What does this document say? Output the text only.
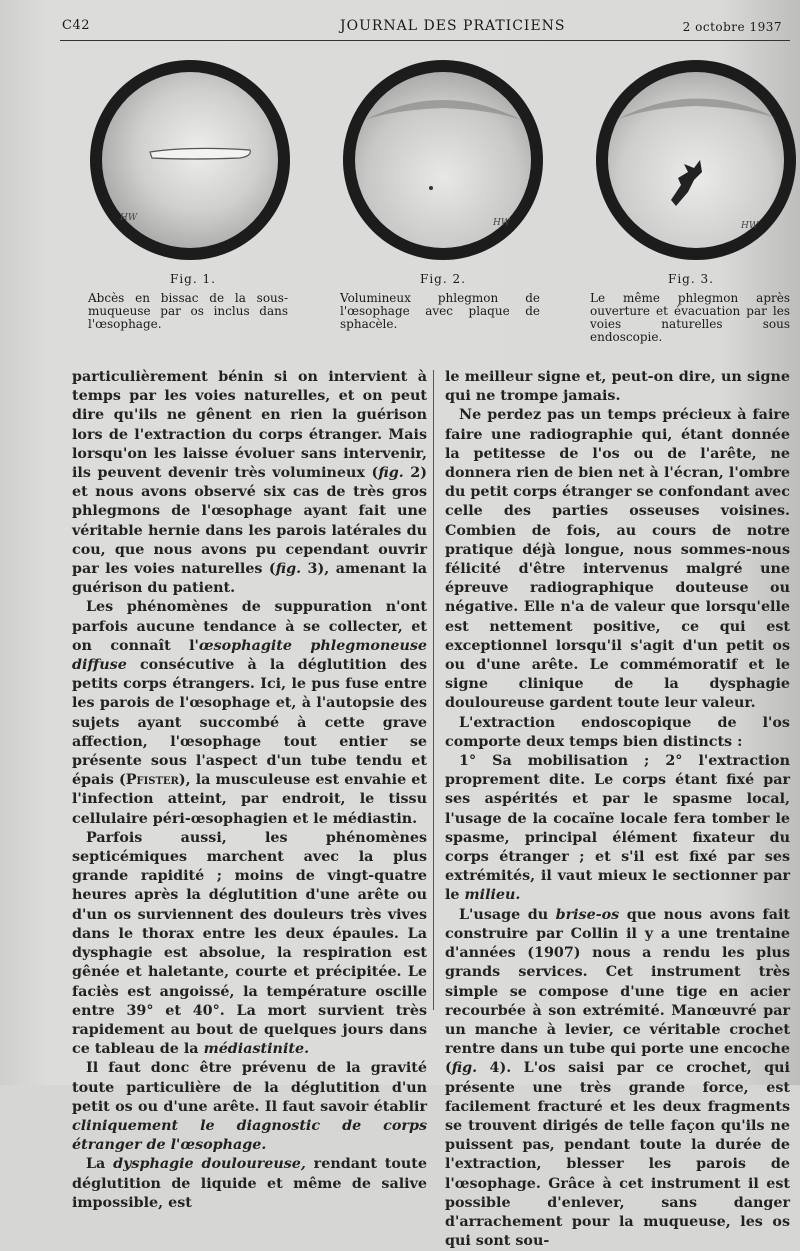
C42	JOURNAL DES PRATICIENS	2 octobre 1937
HW
Fig. 1.
Abcès en bissac de la sous-muqueuse par os inclus dans l'œsophage.
HW
Fig. 2.
Volumineux phlegmon de l'œsophage avec plaque de sphacèle.
HW
Fig. 3.
Le même phlegmon après ouverture et évacuation par les voies naturelles sous endoscopie.

particulièrement bénin si on intervient à temps par les voies naturelles, et on peut dire qu'ils ne gênent en rien la guérison lors de l'extraction du corps étranger. Mais lorsqu'on les laisse évoluer sans intervenir, ils peuvent devenir très volumineux (fig. 2) et nous avons observé six cas de très gros phlegmons de l'œsophage ayant fait une véritable hernie dans les parois latérales du cou, que nous avons pu cependant ouvrir par les voies naturelles (fig. 3), amenant la guérison du patient.

Les phénomènes de suppuration n'ont parfois aucune tendance à se collecter, et on connaît l'œsophagite phlegmoneuse diffuse consécutive à la déglutition des petits corps étrangers. Ici, le pus fuse entre les parois de l'œsophage et, à l'autopsie des sujets ayant succombé à cette grave affection, l'œsophage tout entier se présente sous l'aspect d'un tube tendu et épais (Pfister), la musculeuse est envahie et l'infection atteint, par endroit, le tissu cellulaire péri-œsophagien et le médiastin.

Parfois aussi, les phénomènes septicémiques marchent avec la plus grande rapidité ; moins de vingt-quatre heures après la déglutition d'une arête ou d'un os surviennent des douleurs très vives dans le thorax entre les deux épaules. La dysphagie est absolue, la respiration est gênée et haletante, courte et précipitée. Le faciès est angoissé, la température oscille entre 39° et 40°. La mort survient très rapidement au bout de quelques jours dans ce tableau de la médiastinite.

Il faut donc être prévenu de la gravité toute particulière de la déglutition d'un petit os ou d'une arête. Il faut savoir établir cliniquement le diagnostic de corps étranger de l'œsophage.

La dysphagie douloureuse, rendant toute déglutition de liquide et même de salive impossible, est

le meilleur signe et, peut-on dire, un signe qui ne trompe jamais.

Ne perdez pas un temps précieux à faire faire une radiographie qui, étant donnée la petitesse de l'os ou de l'arête, ne donnera rien de bien net à l'écran, l'ombre du petit corps étranger se confondant avec celle des parties osseuses voisines. Combien de fois, au cours de notre pratique déjà longue, nous sommes-nous félicité d'être intervenus malgré une épreuve radiographique douteuse ou négative. Elle n'a de valeur que lorsqu'elle est nettement positive, ce qui est exceptionnel lorsqu'il s'agit d'un petit os ou d'une arête. Le commémoratif et le signe clinique de la dysphagie douloureuse gardent toute leur valeur.

L'extraction endoscopique de l'os comporte deux temps bien distincts :

1° Sa mobilisation ; 2° l'extraction proprement dite. Le corps étant fixé par ses aspérités et par le spasme local, l'usage de la cocaïne locale fera tomber le spasme, principal élément fixateur du corps étranger ; et s'il est fixé par ses extrémités, il vaut mieux le sectionner par le milieu.

L'usage du brise-os que nous avons fait construire par Collin il y a une trentaine d'années (1907) nous a rendu les plus grands services. Cet instrument très simple se compose d'une tige en acier recourbée à son extrémité. Manœuvré par un manche à levier, ce véritable crochet rentre dans un tube qui porte une encoche (fig. 4). L'os saisi par ce crochet, qui présente une très grande force, est facilement fracturé et les deux fragments se trouvent dirigés de telle façon qu'ils ne puissent pas, pendant toute la durée de l'extraction, blesser les parois de l'œsophage. Grâce à cet instrument il est possible d'enlever, sans danger d'arrachement pour la muqueuse, les os qui sont sou-
